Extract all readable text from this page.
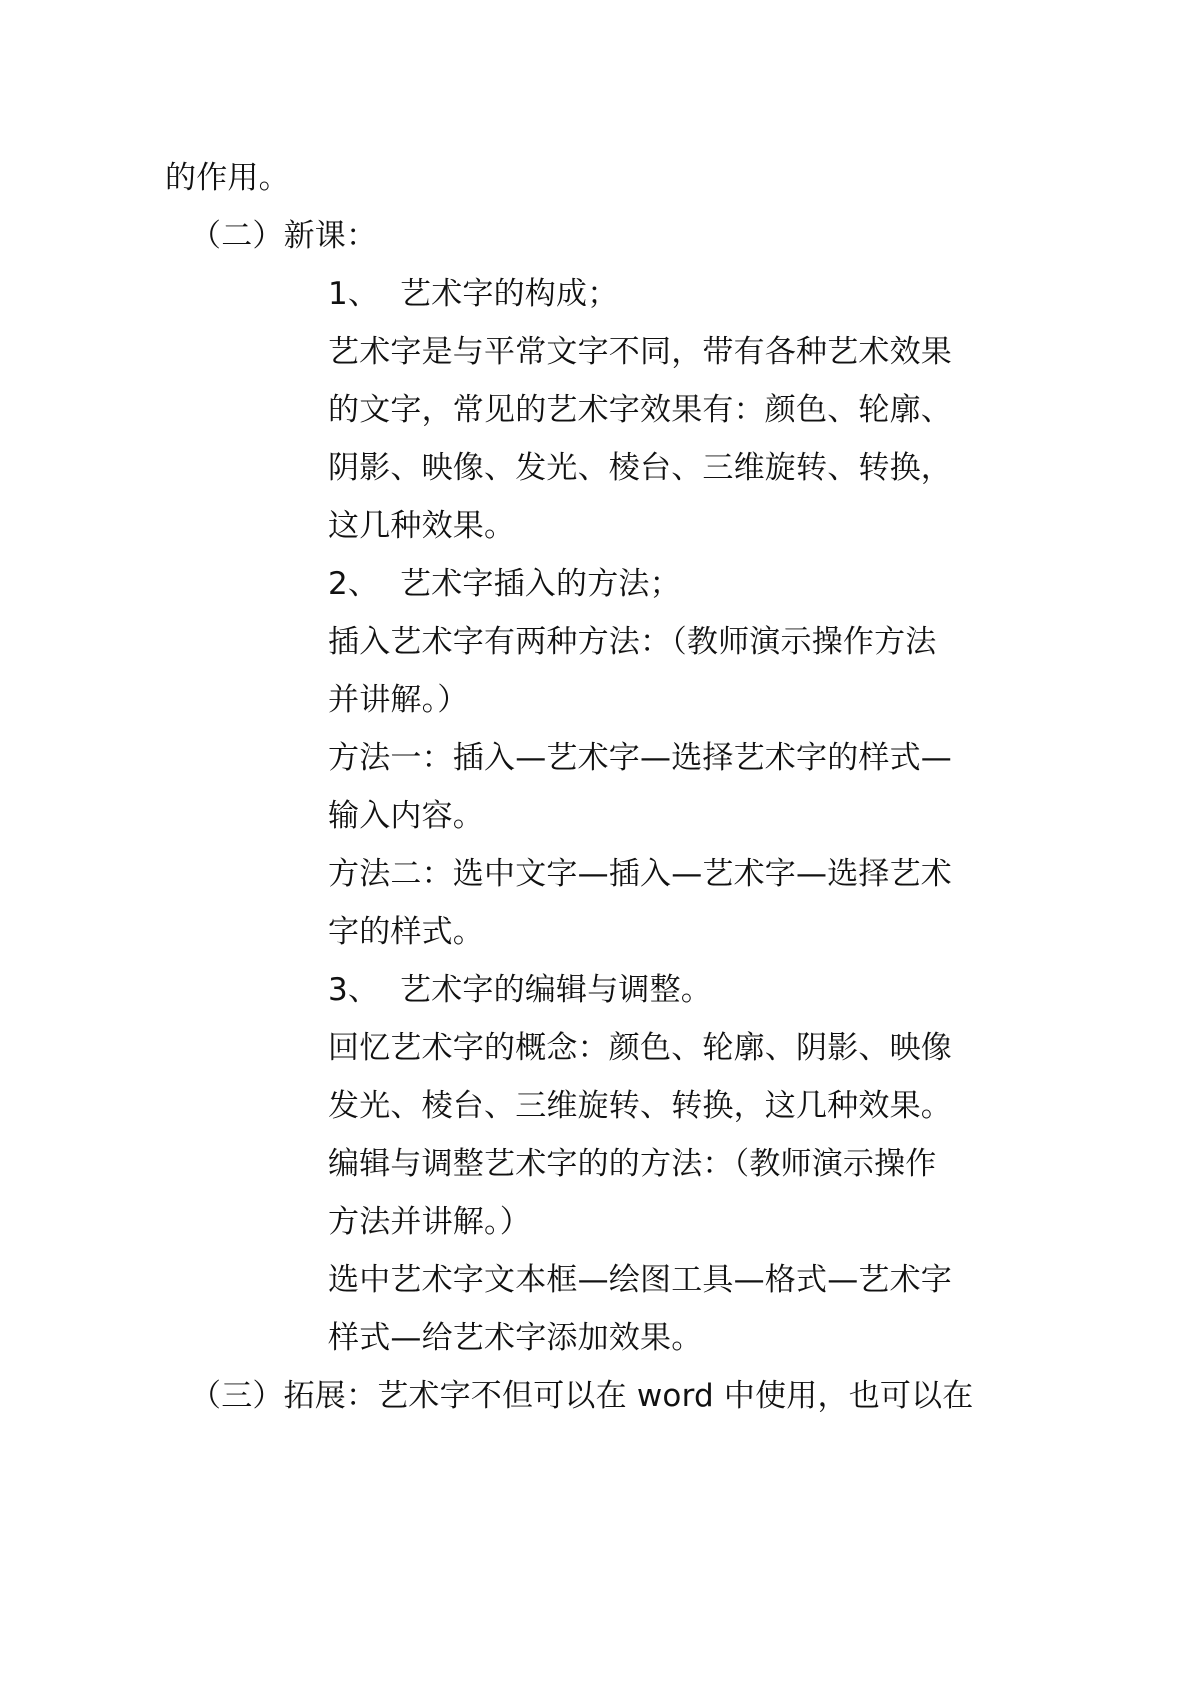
的作用。
（二）新课：
1、 艺术字的构成；
艺术字是与平常文字不同，带有各种艺术效果
的文字，常见的艺术字效果有：颜色、轮廓、
阴影、映像、发光、棱台、三维旋转、转换，
这几种效果。
2、 艺术字插入的方法；
插入艺术字有两种方法：（教师演示操作方法
并讲解。）
方法一：插入—艺术字—选择艺术字的样式—
输入内容。
方法二：选中文字—插入—艺术字—选择艺术
字的样式。
3、 艺术字的编辑与调整。
回忆艺术字的概念：颜色、轮廓、阴影、映像
发光、棱台、三维旋转、转换，这几种效果。
编辑与调整艺术字的的方法：（教师演示操作
方法并讲解。）
选中艺术字文本框—绘图工具—格式—艺术字
样式—给艺术字添加效果。
（三）拓展：艺术字不但可以在 word 中使用，也可以在
